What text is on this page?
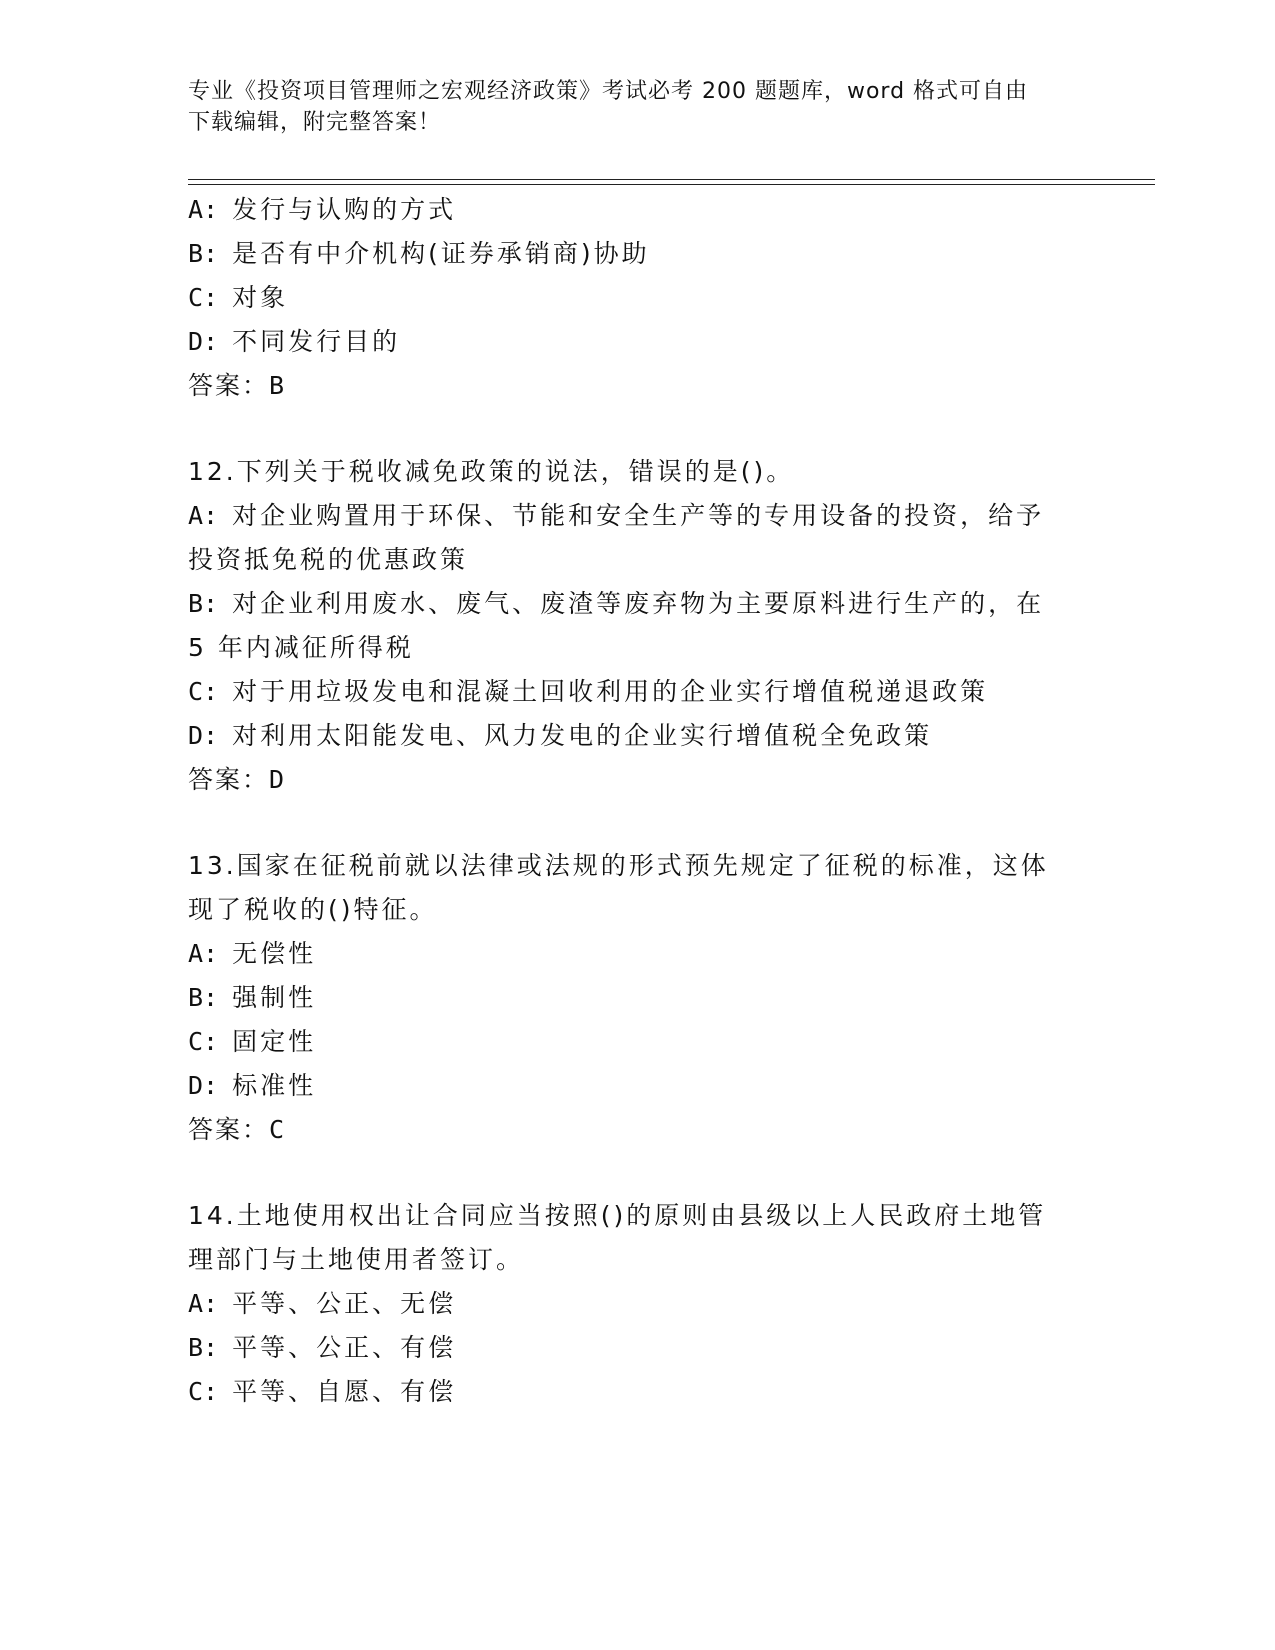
专业《投资项目管理师之宏观经济政策》考试必考 200 题题库，word 格式可自由
下载编辑，附完整答案！
A: 发行与认购的方式
B: 是否有中介机构(证券承销商)协助
C: 对象
D: 不同发行目的
答案：B
12.下列关于税收减免政策的说法，错误的是()。
A: 对企业购置用于环保、节能和安全生产等的专用设备的投资，给予
投资抵免税的优惠政策
B: 对企业利用废水、废气、废渣等废弃物为主要原料进行生产的，在
5 年内减征所得税
C: 对于用垃圾发电和混凝土回收利用的企业实行增值税递退政策
D: 对利用太阳能发电、风力发电的企业实行增值税全免政策
答案：D
13.国家在征税前就以法律或法规的形式预先规定了征税的标准，这体
现了税收的()特征。
A: 无偿性
B: 强制性
C: 固定性
D: 标准性
答案：C
14.土地使用权出让合同应当按照()的原则由县级以上人民政府土地管
理部门与土地使用者签订。
A: 平等、公正、无偿
B: 平等、公正、有偿
C: 平等、自愿、有偿
